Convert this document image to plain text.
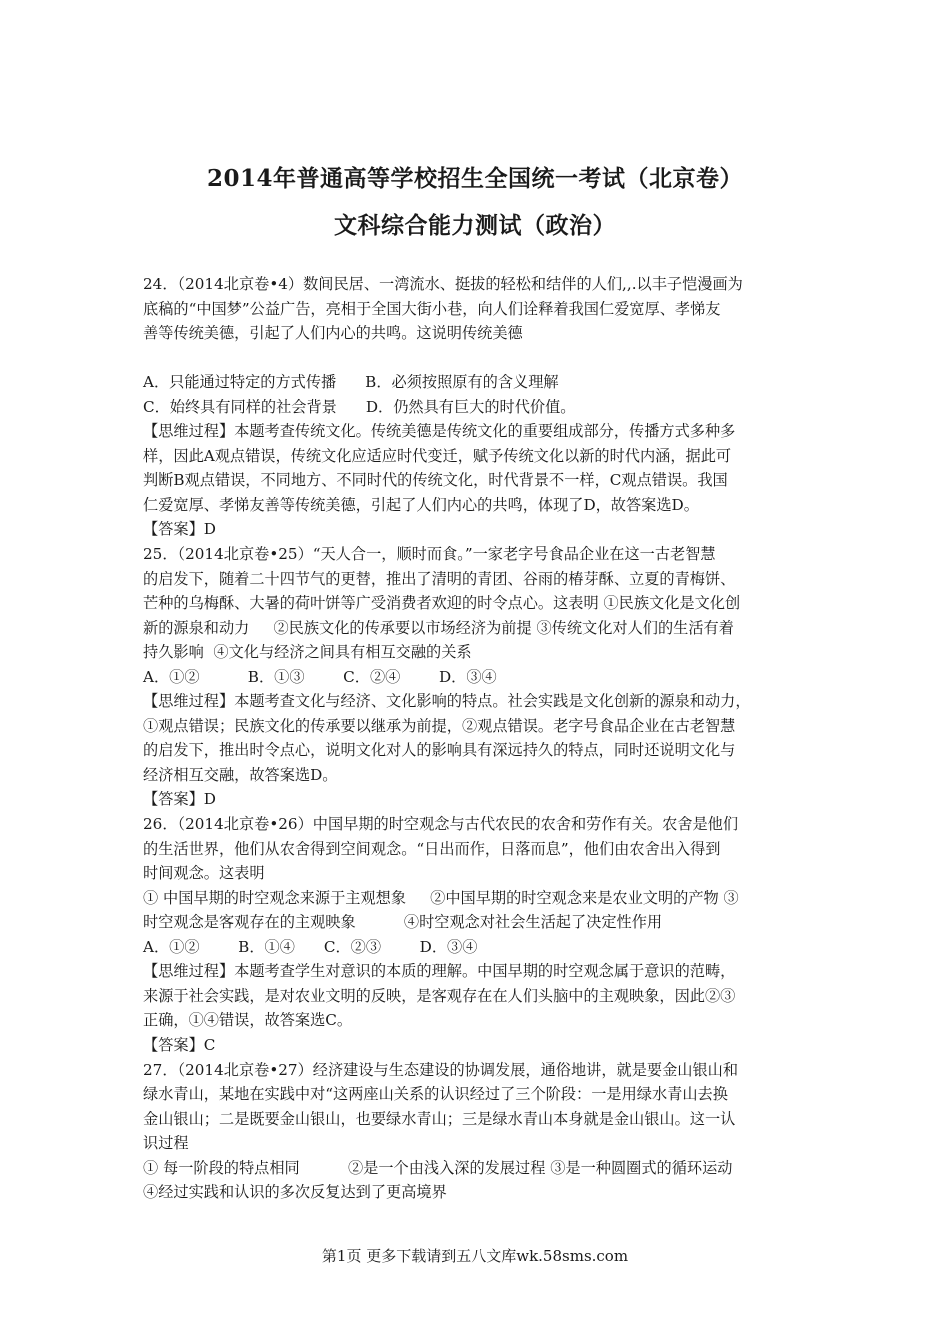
2014年普通高等学校招生全国统一考试（北京卷）
文科综合能力测试（政治）
24．（2014北京卷•4）数间民居、一湾流水、挺拔的轻松和结伴的人们,,.以丰子恺漫画为
底稿的“中国梦”公益广告，亮相于全国大街小巷，向人们诠释着我国仁爱宽厚、孝悌友
善等传统美德，引起了人们内心的共鸣。这说明传统美德
A．只能通过特定的方式传播      B．必须按照原有的含义理解
C．始终具有同样的社会背景      D．仍然具有巨大的时代价值。
【思维过程】本题考查传统文化。传统美德是传统文化的重要组成部分，传播方式多种多
样，因此A观点错误，传统文化应适应时代变迁，赋予传统文化以新的时代内涵，据此可
判断B观点错误，不同地方、不同时代的传统文化，时代背景不一样，C观点错误。我国
仁爱宽厚、孝悌友善等传统美德，引起了人们内心的共鸣，体现了D，故答案选D。
【答案】D
25．（2014北京卷•25）“天人合一，顺时而食。”一家老字号食品企业在这一古老智慧
的启发下，随着二十四节气的更替，推出了清明的青团、谷雨的椿芽酥、立夏的青梅饼、
芒种的乌梅酥、大暑的荷叶饼等广受消费者欢迎的时令点心。这表明 ①民族文化是文化创
新的源泉和动力     ②民族文化的传承要以市场经济为前提 ③传统文化对人们的生活有着
持久影响  ④文化与经济之间具有相互交融的关系
A．①②          B．①③        C．②④        D．③④
【思维过程】本题考查文化与经济、文化影响的特点。社会实践是文化创新的源泉和动力，
①观点错误；民族文化的传承要以继承为前提，②观点错误。老字号食品企业在古老智慧
的启发下，推出时令点心，说明文化对人的影响具有深远持久的特点，同时还说明文化与
经济相互交融，故答案选D。
【答案】D
26．（2014北京卷•26）中国早期的时空观念与古代农民的农舍和劳作有关。农舍是他们
的生活世界，他们从农舍得到空间观念。“日出而作，日落而息”，他们由农舍出入得到
时间观念。这表明
① 中国早期的时空观念来源于主观想象     ②中国早期的时空观念来是农业文明的产物 ③
时空观念是客观存在的主观映象          ④时空观念对社会生活起了决定性作用
A．①②        B．①④      C．②③        D．③④
【思维过程】本题考查学生对意识的本质的理解。中国早期的时空观念属于意识的范畴，
来源于社会实践，是对农业文明的反映，是客观存在在人们头脑中的主观映象，因此②③
正确，①④错误，故答案选C。
【答案】C
27．（2014北京卷•27）经济建设与生态建设的协调发展，通俗地讲，就是要金山银山和
绿水青山，某地在实践中对“这两座山关系的认识经过了三个阶段：一是用绿水青山去换
金山银山；二是既要金山银山，也要绿水青山；三是绿水青山本身就是金山银山。这一认
识过程
① 每一阶段的特点相同          ②是一个由浅入深的发展过程 ③是一种圆圈式的循环运动
④经过实践和认识的多次反复达到了更高境界
第1页 更多下载请到五八文库wk.58sms.com
